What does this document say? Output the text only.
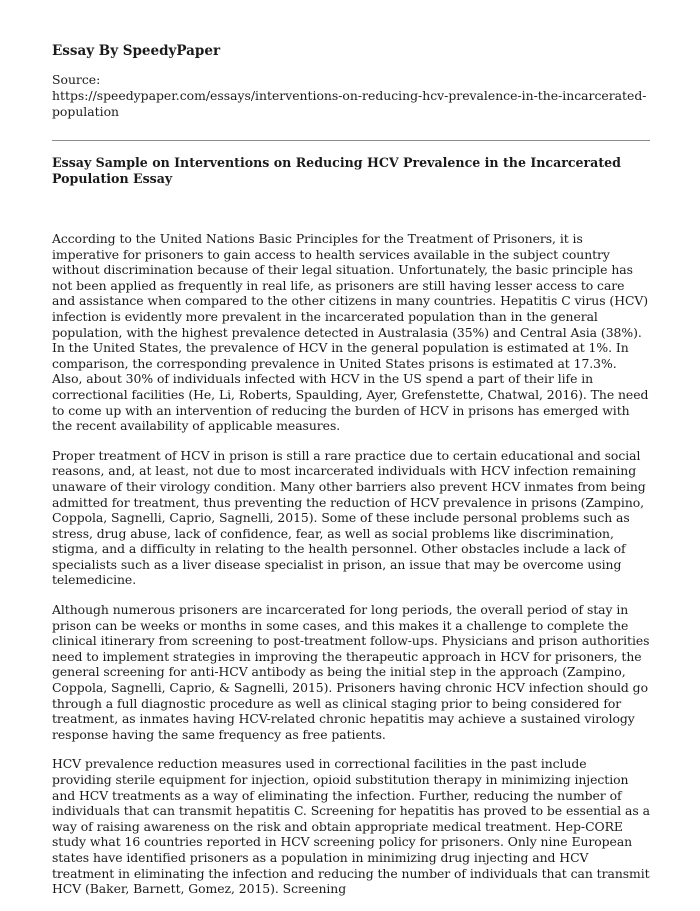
Essay By SpeedyPaper

Source:

https://speedypaper.com/essays/interventions-on-reducing-hcv-prevalence-in-the-incarcerated-population

Essay Sample on Interventions on Reducing HCV Prevalence in the Incarcerated Population Essay

According to the United Nations Basic Principles for the Treatment of Prisoners, it is imperative for prisoners to gain access to health services available in the subject country without discrimination because of their legal situation. Unfortunately, the basic principle has not been applied as frequently in real life, as prisoners are still having lesser access to care and assistance when compared to the other citizens in many countries. Hepatitis C virus (HCV) infection is evidently more prevalent in the incarcerated population than in the general population, with the highest prevalence detected in Australasia (35%) and Central Asia (38%). In the United States, the prevalence of HCV in the general population is estimated at 1%. In comparison, the corresponding prevalence in United States prisons is estimated at 17.3%. Also, about 30% of individuals infected with HCV in the US spend a part of their life in correctional facilities (He, Li, Roberts, Spaulding, Ayer, Grefenstette, Chatwal, 2016). The need to come up with an intervention of reducing the burden of HCV in prisons has emerged with the recent availability of applicable measures.

Proper treatment of HCV in prison is still a rare practice due to certain educational and social reasons, and, at least, not due to most incarcerated individuals with HCV infection remaining unaware of their virology condition. Many other barriers also prevent HCV inmates from being admitted for treatment, thus preventing the reduction of HCV prevalence in prisons (Zampino, Coppola, Sagnelli, Caprio, Sagnelli, 2015). Some of these include personal problems such as stress, drug abuse, lack of confidence, fear, as well as social problems like discrimination, stigma, and a difficulty in relating to the health personnel. Other obstacles include a lack of specialists such as a liver disease specialist in prison, an issue that may be overcome using telemedicine.

Although numerous prisoners are incarcerated for long periods, the overall period of stay in prison can be weeks or months in some cases, and this makes it a challenge to complete the clinical itinerary from screening to post-treatment follow-ups. Physicians and prison authorities need to implement strategies in improving the therapeutic approach in HCV for prisoners, the general screening for anti-HCV antibody as being the initial step in the approach (Zampino, Coppola, Sagnelli, Caprio, & Sagnelli, 2015). Prisoners having chronic HCV infection should go through a full diagnostic procedure as well as clinical staging prior to being considered for treatment, as inmates having HCV-related chronic hepatitis may achieve a sustained virology response having the same frequency as free patients.

HCV prevalence reduction measures used in correctional facilities in the past include providing sterile equipment for injection, opioid substitution therapy in minimizing injection and HCV treatments as a way of eliminating the infection. Further, reducing the number of individuals that can transmit hepatitis C. Screening for hepatitis has proved to be essential as a way of raising awareness on the risk and obtain appropriate medical treatment. Hep-CORE study what 16 countries reported in HCV screening policy for prisoners. Only nine European states have identified prisoners as a population in minimizing drug injecting and HCV treatment in eliminating the infection and reducing the number of individuals that can transmit HCV (Baker, Barnett, Gomez, 2015). Screening
